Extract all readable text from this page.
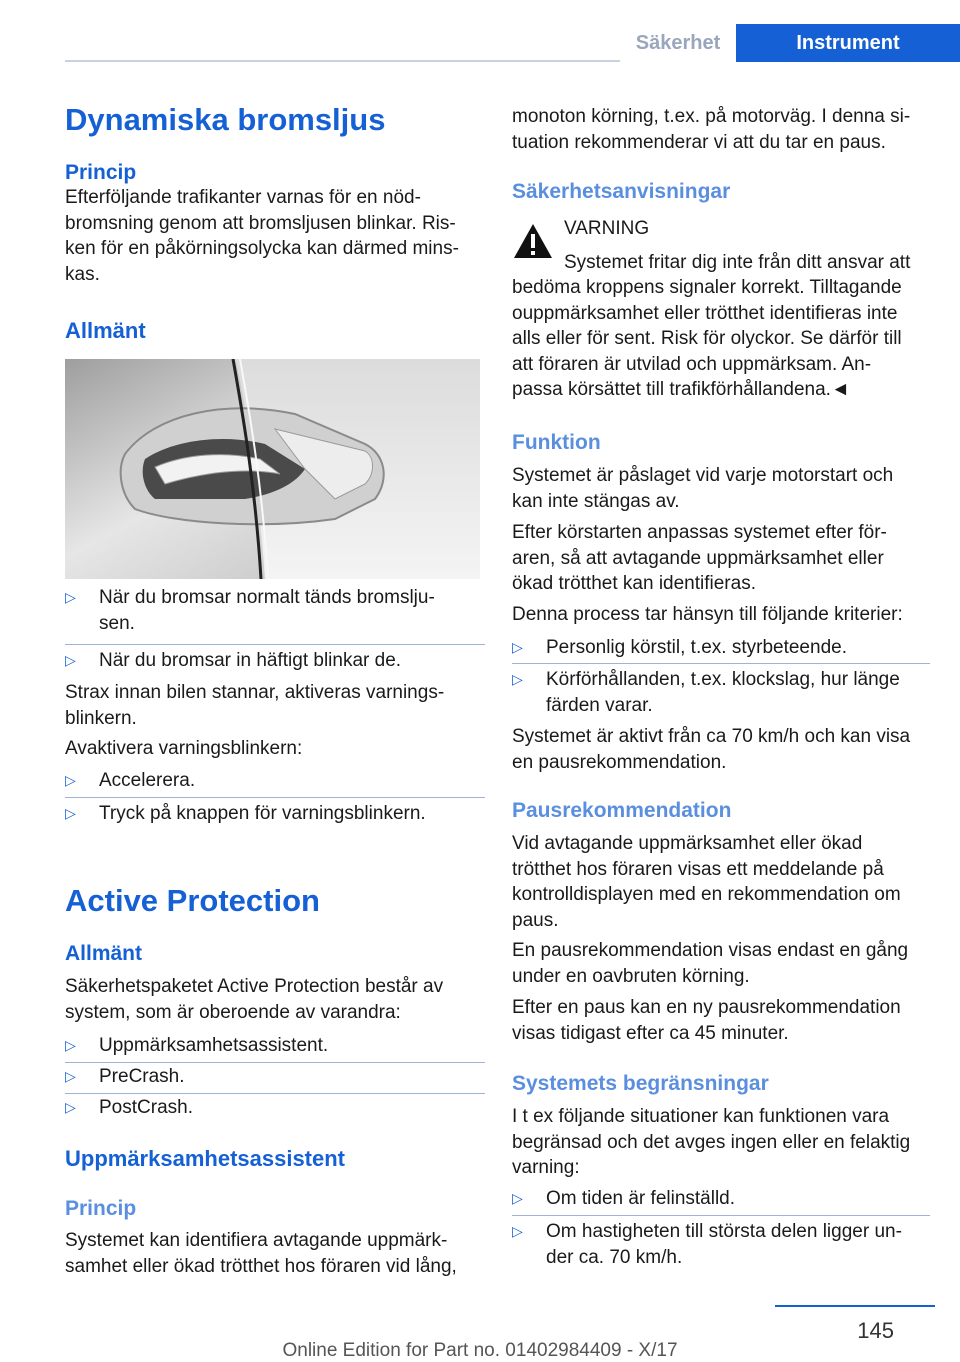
Säkerhet	Instrument
Dynamiska bromsljus
Princip
Efterföljande trafikanter varnas för en nöd-
bromsning genom att bromsljusen blinkar. Ris-
ken för en påkörningsolycka kan därmed mins-
kas.
Allmänt
▷ När du bromsar normalt tänds bromslju-
sen.
▷ När du bromsar in häftigt blinkar de.
Strax innan bilen stannar, aktiveras varnings-
blinkern.
Avaktivera varningsblinkern:
▷ Accelerera.
▷ Tryck på knappen för varningsblinkern.
Active Protection
Allmänt
Säkerhetspaketet Active Protection består av
system, som är oberoende av varandra:
▷ Uppmärksamhetsassistent.
▷ PreCrash.
▷ PostCrash.
Uppmärksamhetsassistent
Princip
Systemet kan identifiera avtagande uppmärk-
samhet eller ökad trötthet hos föraren vid lång,
monoton körning, t.ex. på motorväg. I denna si-
tuation rekommenderar vi att du tar en paus.
Säkerhetsanvisningar
VARNING
Systemet fritar dig inte från ditt ansvar att
bedöma kroppens signaler korrekt. Tilltagande
ouppmärksamhet eller trötthet identifieras inte
alls eller för sent. Risk för olyckor. Se därför till
att föraren är utvilad och uppmärksam. An-
passa körsättet till trafikförhållandena.◄
Funktion
Systemet är påslaget vid varje motorstart och
kan inte stängas av.
Efter körstarten anpassas systemet efter för-
aren, så att avtagande uppmärksamhet eller
ökad trötthet kan identifieras.
Denna process tar hänsyn till följande kriterier:
▷ Personlig körstil, t.ex. styrbeteende.
▷ Körförhållanden, t.ex. klockslag, hur länge
färden varar.
Systemet är aktivt från ca 70 km/h och kan visa
en pausrekommendation.
Pausrekommendation
Vid avtagande uppmärksamhet eller ökad
trötthet hos föraren visas ett meddelande på
kontrolldisplayen med en rekommendation om
paus.
En pausrekommendation visas endast en gång
under en oavbruten körning.
Efter en paus kan en ny pausrekommendation
visas tidigast efter ca 45 minuter.
Systemets begränsningar
I t ex följande situationer kan funktionen vara
begränsad och det avges ingen eller en felaktig
varning:
▷ Om tiden är felinställd.
▷ Om hastigheten till största delen ligger un-
der ca. 70 km/h.
145
Online Edition for Part no. 01402984409 - X/17
